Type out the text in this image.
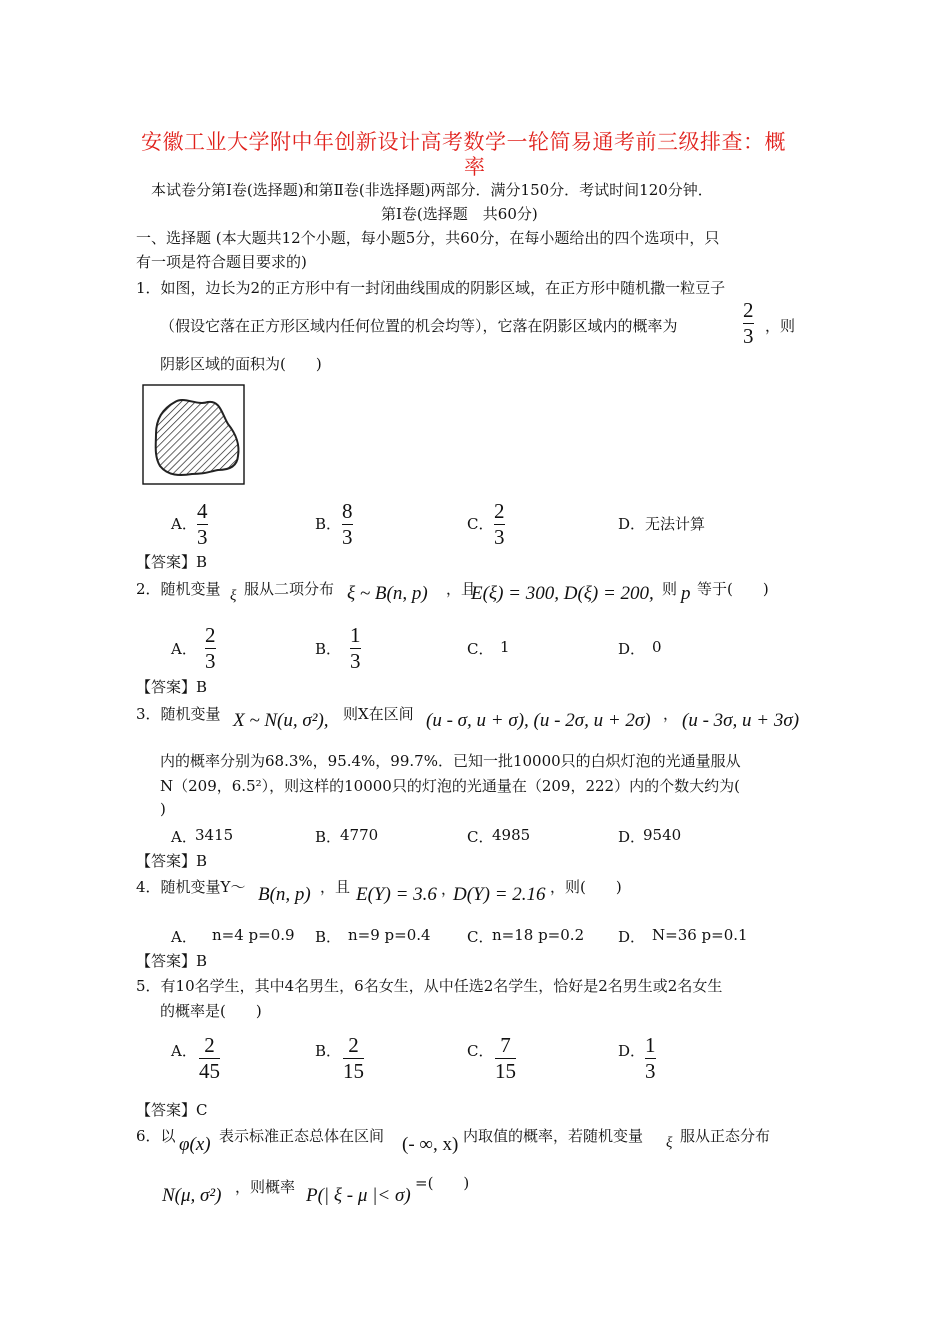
安徽工业大学附中年创新设计高考数学一轮简易通考前三级排查：概
率
本试卷分第Ⅰ卷(选择题)和第Ⅱ卷(非选择题)两部分．满分150分．考试时间120分钟．
第Ⅰ卷(选择题　共60分)
一、选择题 (本大题共12个小题，每小题5分，共60分，在每小题给出的四个选项中，只
有一项是符合题目要求的)
1．如图，边长为2的正方形中有一封闭曲线围成的阴影区域，在正方形中随机撒一粒豆子
（假设它落在正方形区域内任何位置的机会均等），它落在阴影区域内的概率为
2
3 ，则
阴影区域的面积为(　　)
A．
4
3
B．
8
3
C．
2
3
D． 无法计算
【答案】B
2．随机变量 ξ 服从二项分布 ξ ~ B(n, p) ，且
E(ξ) = 300, D(ξ) = 200, 则 p 等于(　　)
A．
2
3	B．
1
3	C． 1	D． 0
【答案】B
3．随机变量 X ~ N(u, σ²), 则X在区间 (u - σ, u + σ), (u - 2σ, u + 2σ) ， (u - 3σ, u + 3σ)
内的概率分别为68.3%，95.4%，99.7%．已知一批10000只的白炽灯泡的光通量服从
N（209，6.5²），则这样的10000只的灯泡的光通量在（209，222）内的个数大约为(
)
A．
3415	B．
4770	C．
4985	D．
9540
【答案】B
4．随机变量Y～ B(n, p) ，且 E(Y) = 3.6 ，
D(Y) = 2.16 ，则(　　)
A． n=4 p=0.9 B． n=9 p=0.4 C．
n=18 p=0.2 D． N=36 p=0.1
【答案】B
5．有10名学生，其中4名男生，6名女生，从中任选2名学生，恰好是2名男生或2名女生
的概率是(　　)
A． 2
45
B． 2
15
C． 7
15
D． 1
3
【答案】C
6．以 φ(x) 表示标准正态总体在区间 (- ∞, x) 内取值的概率，若随机变量 ξ 服从正态分布
N(μ, σ²) ，则概率 P(| ξ - μ |< σ)
=(　　)
